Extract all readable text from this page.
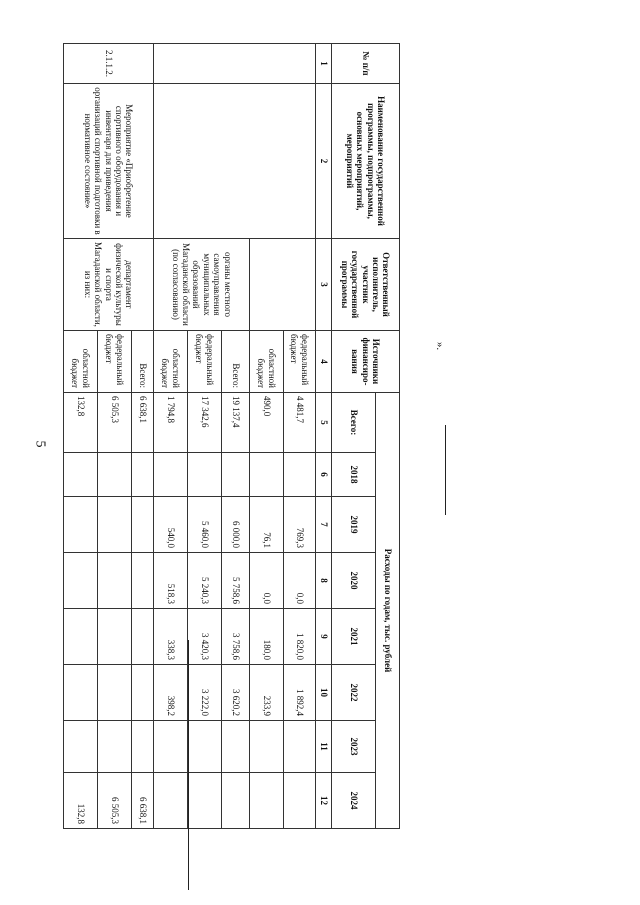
5
№ п/п	Наименование государственной программы, подпрограммы, основных мероприятий, мероприятий	Ответственный исполнитель, участник государственной программы	Источники финансиро-вания	Расходы по годам, тыс. рублей							
				Всего:	2018	2019	2020	2021	2022	2023	2024
1	2	3	4	5	6	7	8	9	10	11	12
			федеральный бюджет	4 481,7		769,3	0,0	1 820,0	1 892,4		
			областной бюджет	490,0		76,1	0,0	180,0	233,9		
		органы местного самоуправления муниципальных образований Магаданской области (по согласованию)	Всего:	19 137,4		6 000,0	5 758,6	3 758,6	3 620,2		
			федеральный бюджет	17 342,6		5 460,0	5 240,3	3 420,3	3 222,0		
			областной бюджет	1 794,8		540,0	518,3	338,3	398,2		
2.1.1.2.	Мероприятие «Приобретение спортивного оборудования и инвентаря для приведения организаций спортивной подготовки в нормативное состояние»	департамент физической культуры и спорта Магаданской области, из них:	Всего:	6 638,1							6 638,1
			федеральный бюджет	6 505,3							6 505,3
			областной бюджет	132,8							132,8
».
